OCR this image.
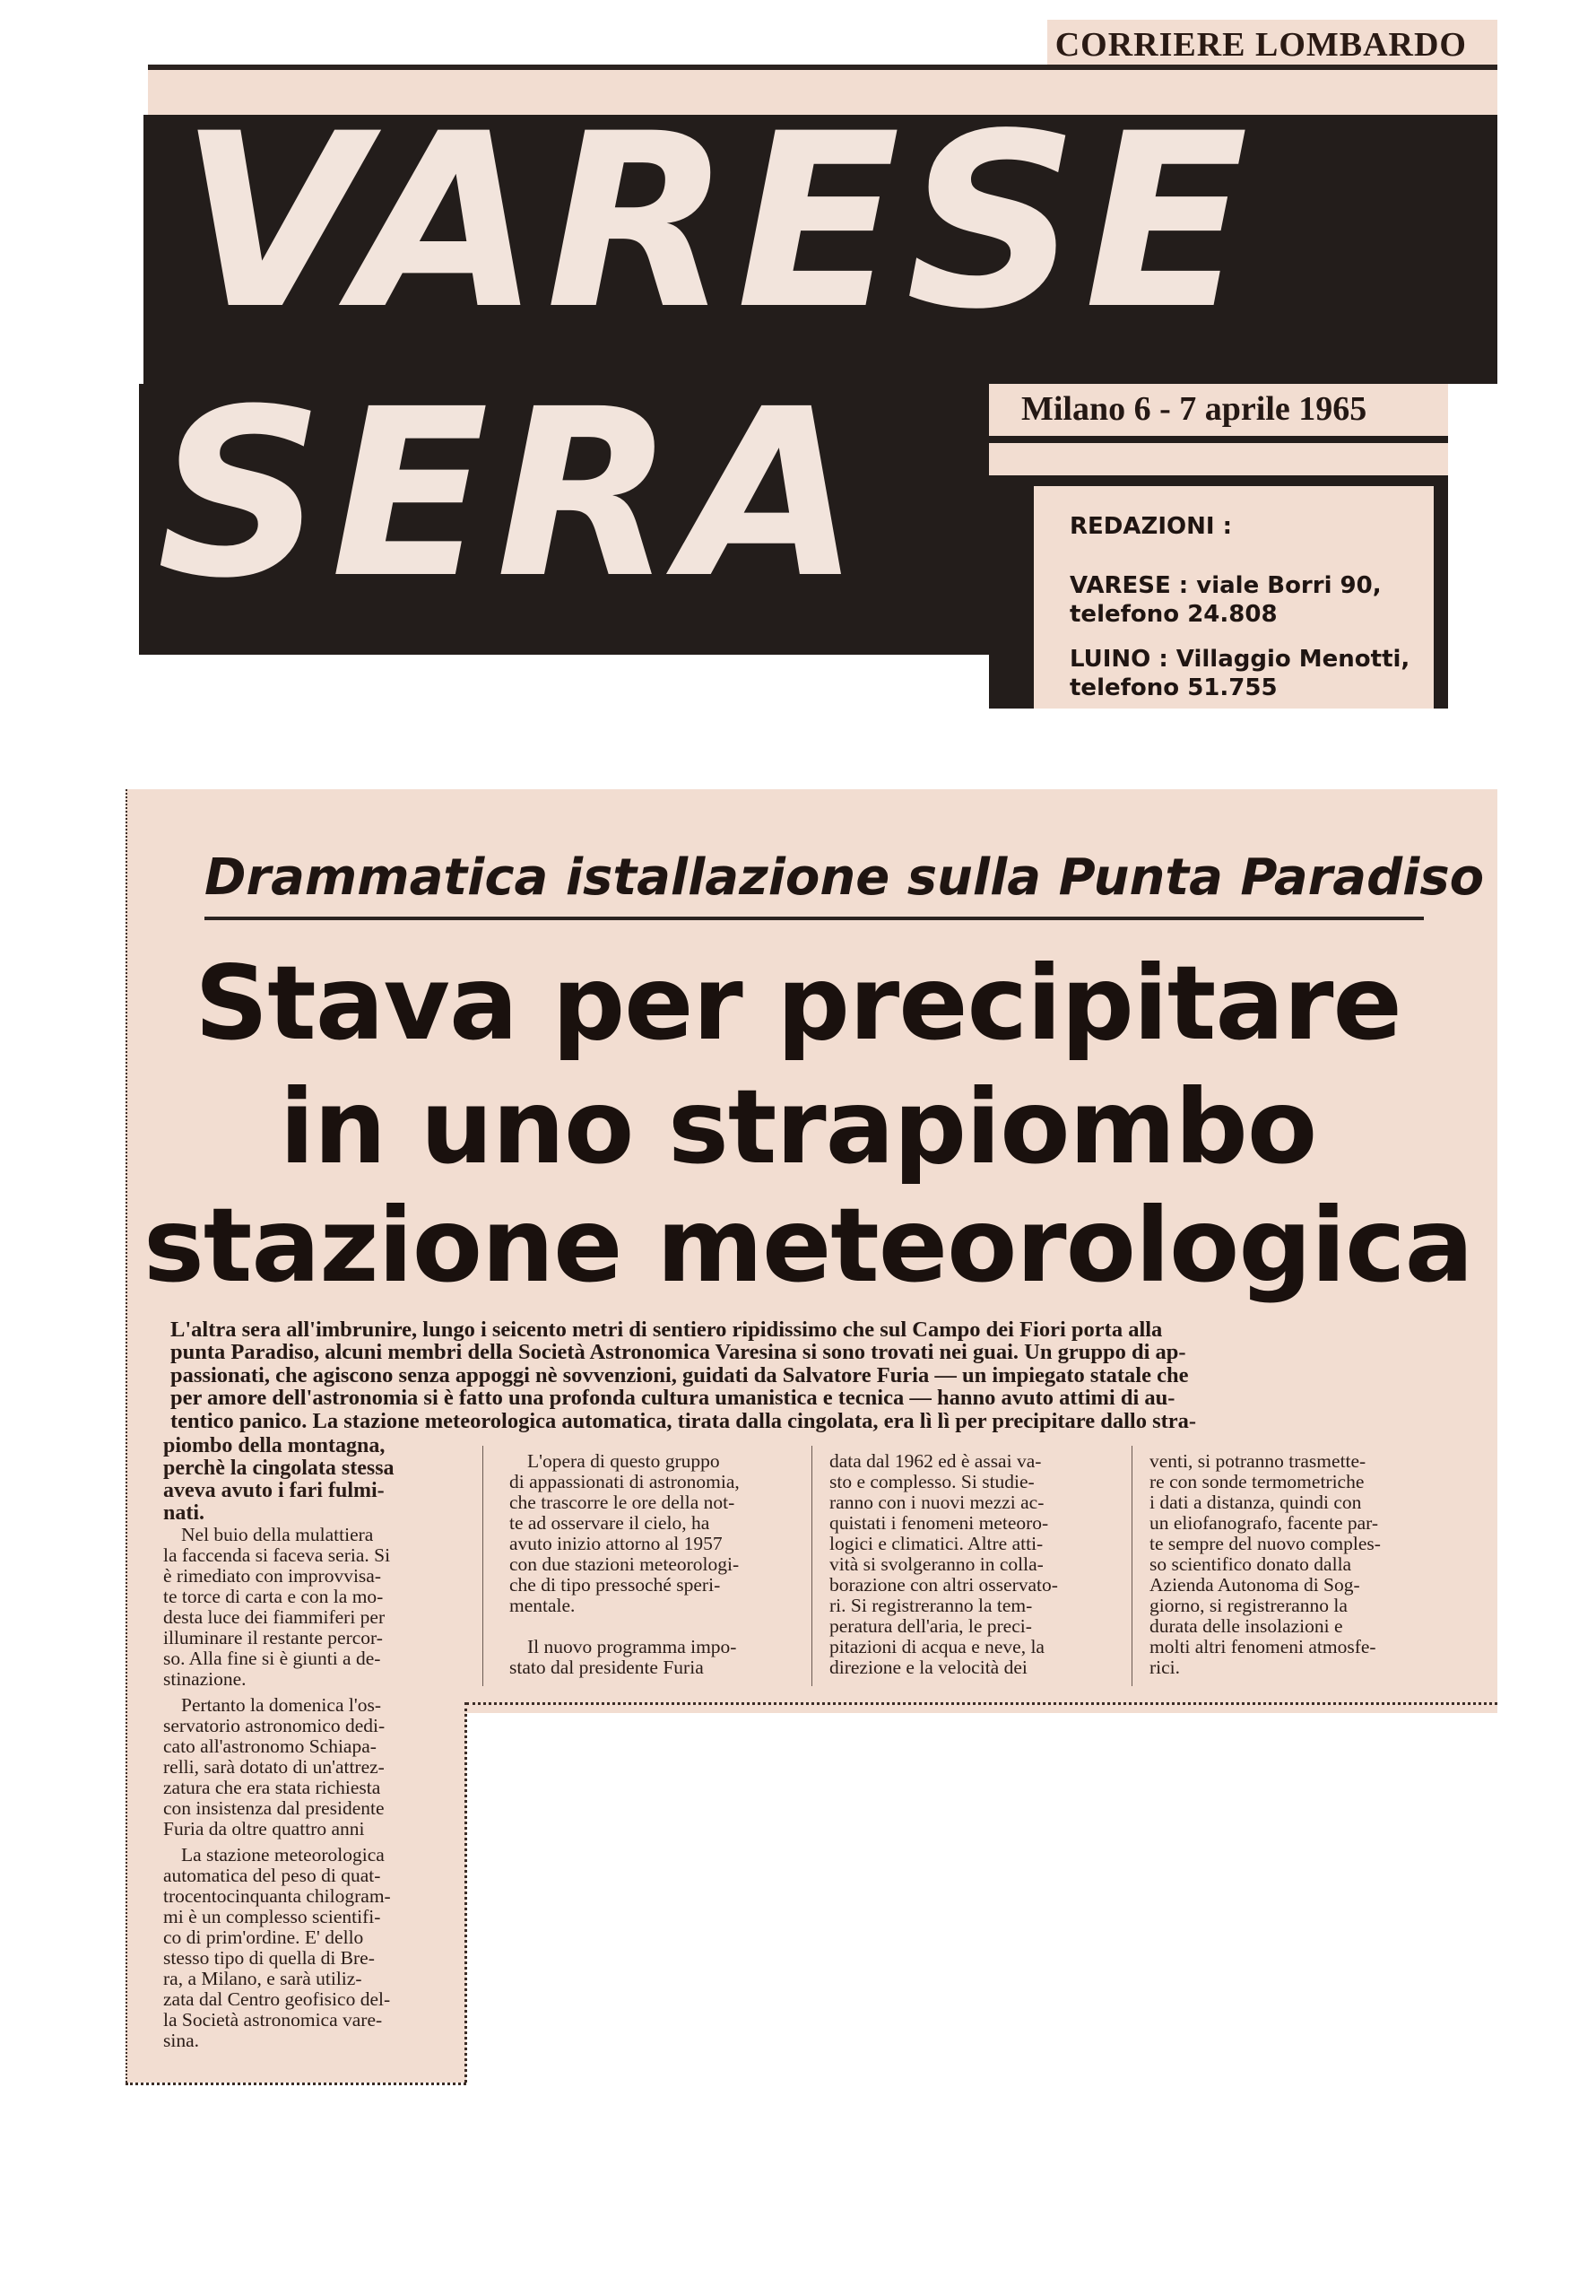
CORRIERE LOMBARDO
VARESE
SERA	Milano 6 - 7 aprile 1965
REDAZIONI :
VARESE : viale Borri 90,
telefono 24.808
LUINO : Villaggio Menotti,
telefono 51.755
Drammatica istallazione sulla Punta Paradiso
Stava per precipitare
in uno strapiombo
stazione meteorologica
L'altra sera all'imbrunire, lungo i seicento metri di sentiero ripidissimo che sul Campo dei Fiori porta alla
punta Paradiso, alcuni membri della Società Astronomica Varesina si sono trovati nei guai. Un gruppo di ap-
passionati, che agiscono senza appoggi nè sovvenzioni, guidati da Salvatore Furia — un impiegato statale che
per amore dell'astronomia si è fatto una profonda cultura umanistica e tecnica — hanno avuto attimi di au-
tentico panico. La stazione meteorologica automatica, tirata dalla cingolata, era lì lì per precipitare dallo stra-
piombo della montagna,
perchè la cingolata stessa
aveva avuto i fari fulmi-
nati.
Nel buio della mulattiera
la faccenda si faceva seria. Si
è rimediato con improvvisa-
te torce di carta e con la mo-
desta luce dei fiammiferi per
illuminare il restante percor-
so. Alla fine si è giunti a de-
stinazione.
Pertanto la domenica l'os-
servatorio astronomico dedi-
cato all'astronomo Schiapa-
relli, sarà dotato di un'attrez-
zatura che era stata richiesta
con insistenza dal presidente
Furia da oltre quattro anni
La stazione meteorologica
automatica del peso di quat-
trocentocinquanta chilogram-
mi è un complesso scientifi-
co di prim'ordine. E' dello
stesso tipo di quella di Bre-
ra, a Milano, e sarà utiliz-
zata dal Centro geofisico del-
la Società astronomica vare-
sina.
L'opera di questo gruppo
di appassionati di astronomia,
che trascorre le ore della not-
te ad osservare il cielo, ha
avuto inizio attorno al 1957
con due stazioni meteorologi-
che di tipo pressoché speri-
mentale.

Il nuovo programma impo-
stato dal presidente Furia
data dal 1962 ed è assai va-
sto e complesso. Si studie-
ranno con i nuovi mezzi ac-
quistati i fenomeni meteoro-
logici e climatici. Altre atti-
vità si svolgeranno in colla-
borazione con altri osservato-
ri. Si registreranno la tem-
peratura dell'aria, le preci-
pitazioni di acqua e neve, la
direzione e la velocità dei
venti, si potranno trasmette-
re con sonde termometriche
i dati a distanza, quindi con
un eliofanografo, facente par-
te sempre del nuovo comples-
so scientifico donato dalla
Azienda Autonoma di Sog-
giorno, si registreranno la
durata delle insolazioni e
molti altri fenomeni atmosfe-
rici.
